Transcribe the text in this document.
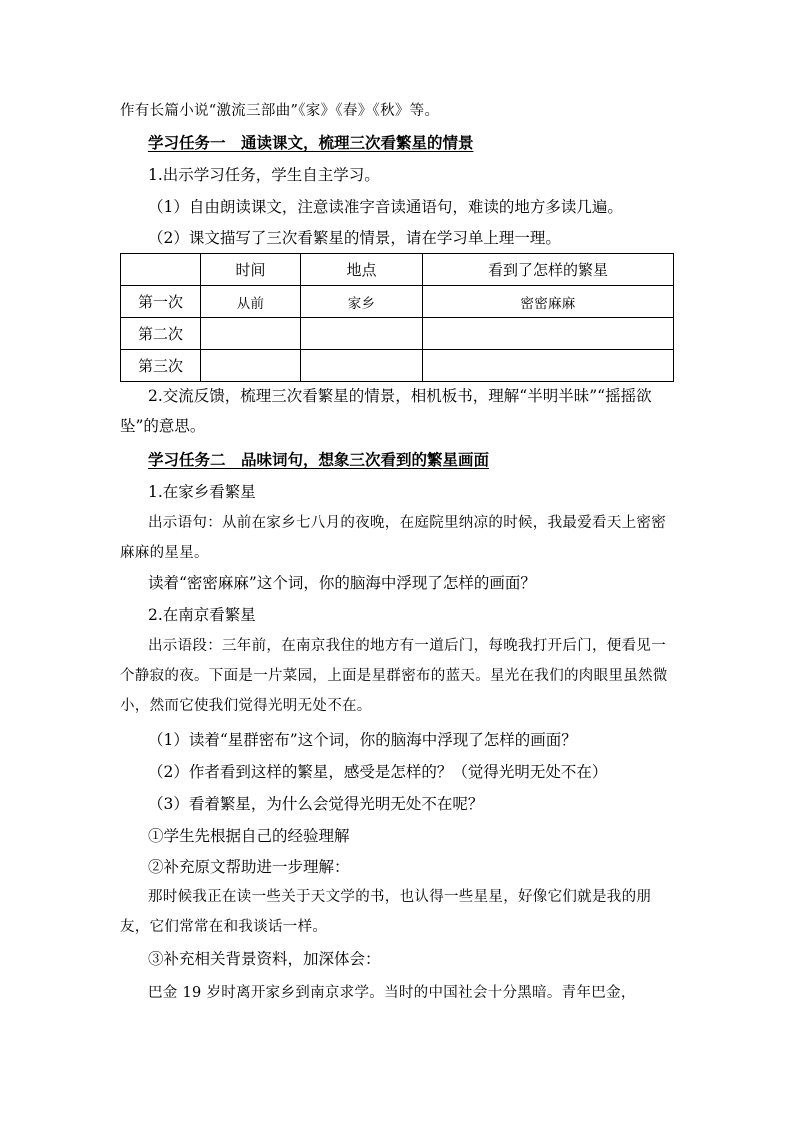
作有长篇小说“激流三部曲”《家》《春》《秋》等。
学习任务一　通读课文，梳理三次看繁星的情景
1.出示学习任务，学生自主学习。
（1）自由朗读课文，注意读准字音读通语句，难读的地方多读几遍。
（2）课文描写了三次看繁星的情景，请在学习单上理一理。
	时间	地点	看到了怎样的繁星
第一次	从前	家乡	密密麻麻
第二次			
第三次			
2.交流反馈，梳理三次看繁星的情景，相机板书，理解“半明半昧”“摇摇欲坠”的意思。
学习任务二　品味词句，想象三次看到的繁星画面
1.在家乡看繁星
出示语句：从前在家乡七八月的夜晚，在庭院里纳凉的时候，我最爱看天上密密麻麻的星星。
读着“密密麻麻”这个词，你的脑海中浮现了怎样的画面？
2.在南京看繁星
出示语段：三年前，在南京我住的地方有一道后门，每晚我打开后门，便看见一个静寂的夜。下面是一片菜园，上面是星群密布的蓝天。星光在我们的肉眼里虽然微小，然而它使我们觉得光明无处不在。
（1）读着“星群密布”这个词，你的脑海中浮现了怎样的画面？
（2）作者看到这样的繁星，感受是怎样的？（觉得光明无处不在）
（3）看着繁星，为什么会觉得光明无处不在呢？
①学生先根据自己的经验理解
②补充原文帮助进一步理解：
那时候我正在读一些关于天文学的书，也认得一些星星，好像它们就是我的朋友，它们常常在和我谈话一样。
③补充相关背景资料，加深体会：
巴金 19 岁时离开家乡到南京求学。当时的中国社会十分黑暗。青年巴金，
